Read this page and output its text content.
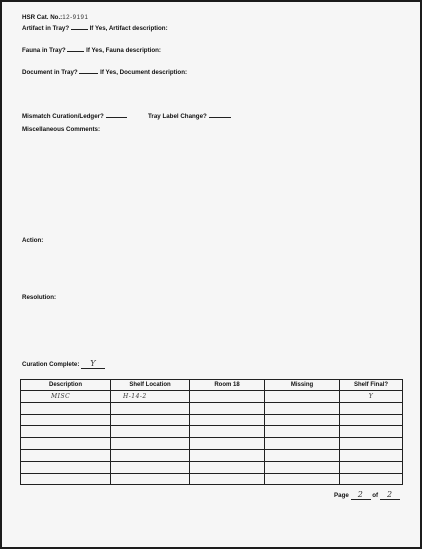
HSR Cat. No.:12-9191
Artifact in Tray?	If Yes, Artifact description:
Fauna in Tray?	If Yes, Fauna description:
Document in Tray?	If Yes, Document description:
Mismatch Curation/Ledger?	Tray Label Change?
Miscellaneous Comments:
Action:
Resolution:
Curation Complete: Y
Description	Shelf Location	Room 18	Missing	Shelf Final?
MISC	H-14-2			Y

Page 2 of 2
